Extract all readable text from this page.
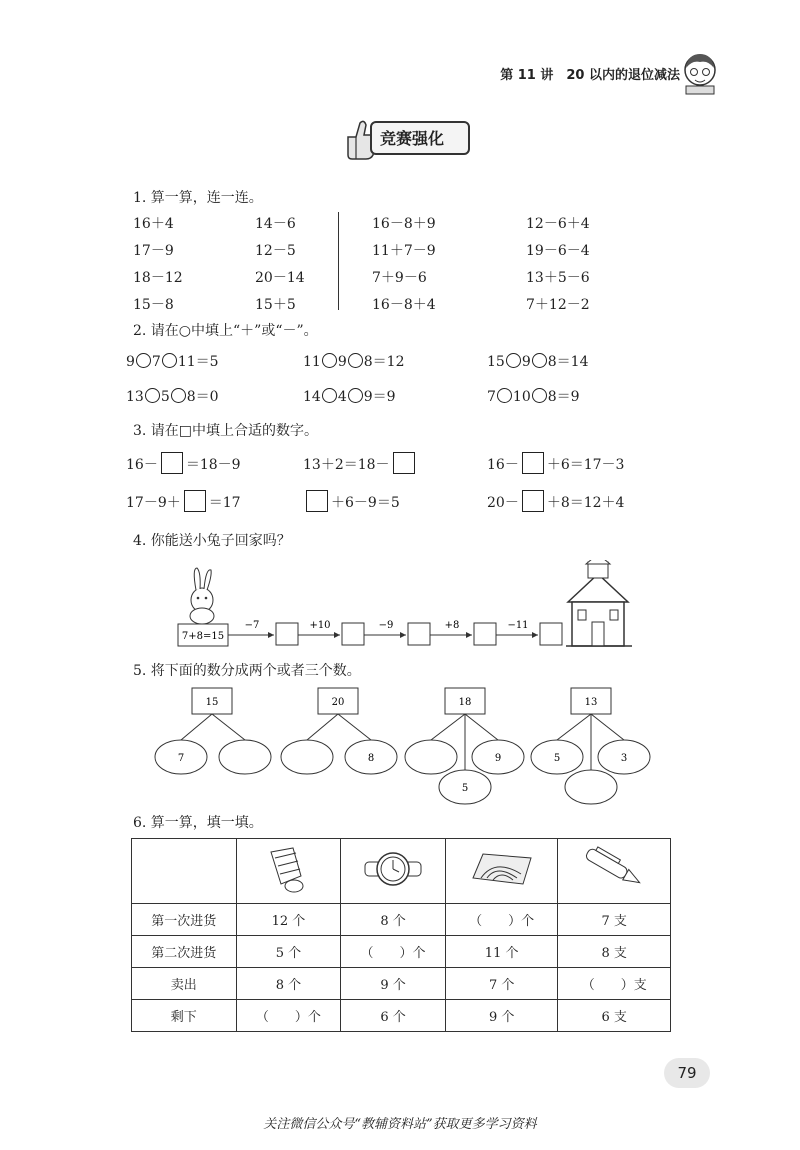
第 11 讲　20 以内的退位减法
竞赛强化
1. 算一算，连一连。
16＋4	14－6
17－9	12－5
18－12	20－14
15－8	15＋5
16－8＋9	12－6＋4
11＋7－9	19－6－4
7＋9－6	13＋5－6
16－8＋4	7＋12－2
2. 请在○中填上“＋”或“－”。
9 7 11＝5	11 9 8＝12	15 9 8＝14
13 5 8＝0	14 4 9＝9	7 10 8＝9
3. 请在□中填上合适的数字。
16－ ＝18－9	13＋2＝18－	16－ ＋6＝17－3
17－9＋ ＝17	＋6－9＝5	20－ ＋8＝12＋4
4. 你能送小兔子回家吗？
7+8=15
−7	+10	−9	+8	−11
5. 将下面的数分成两个或者三个数。
15
7
20
8
18
9
5
13
5	3
6. 算一算，填一填。

第一次进货	12 个	8 个	（　　）个	7 支
第二次进货	5 个	（　　）个	11 个	8 支
卖出	8 个	9 个	7 个	（　　）支
剩下	（　　）个	6 个	9 个	6 支
79
关注微信公众号“教辅资料站”获取更多学习资料
